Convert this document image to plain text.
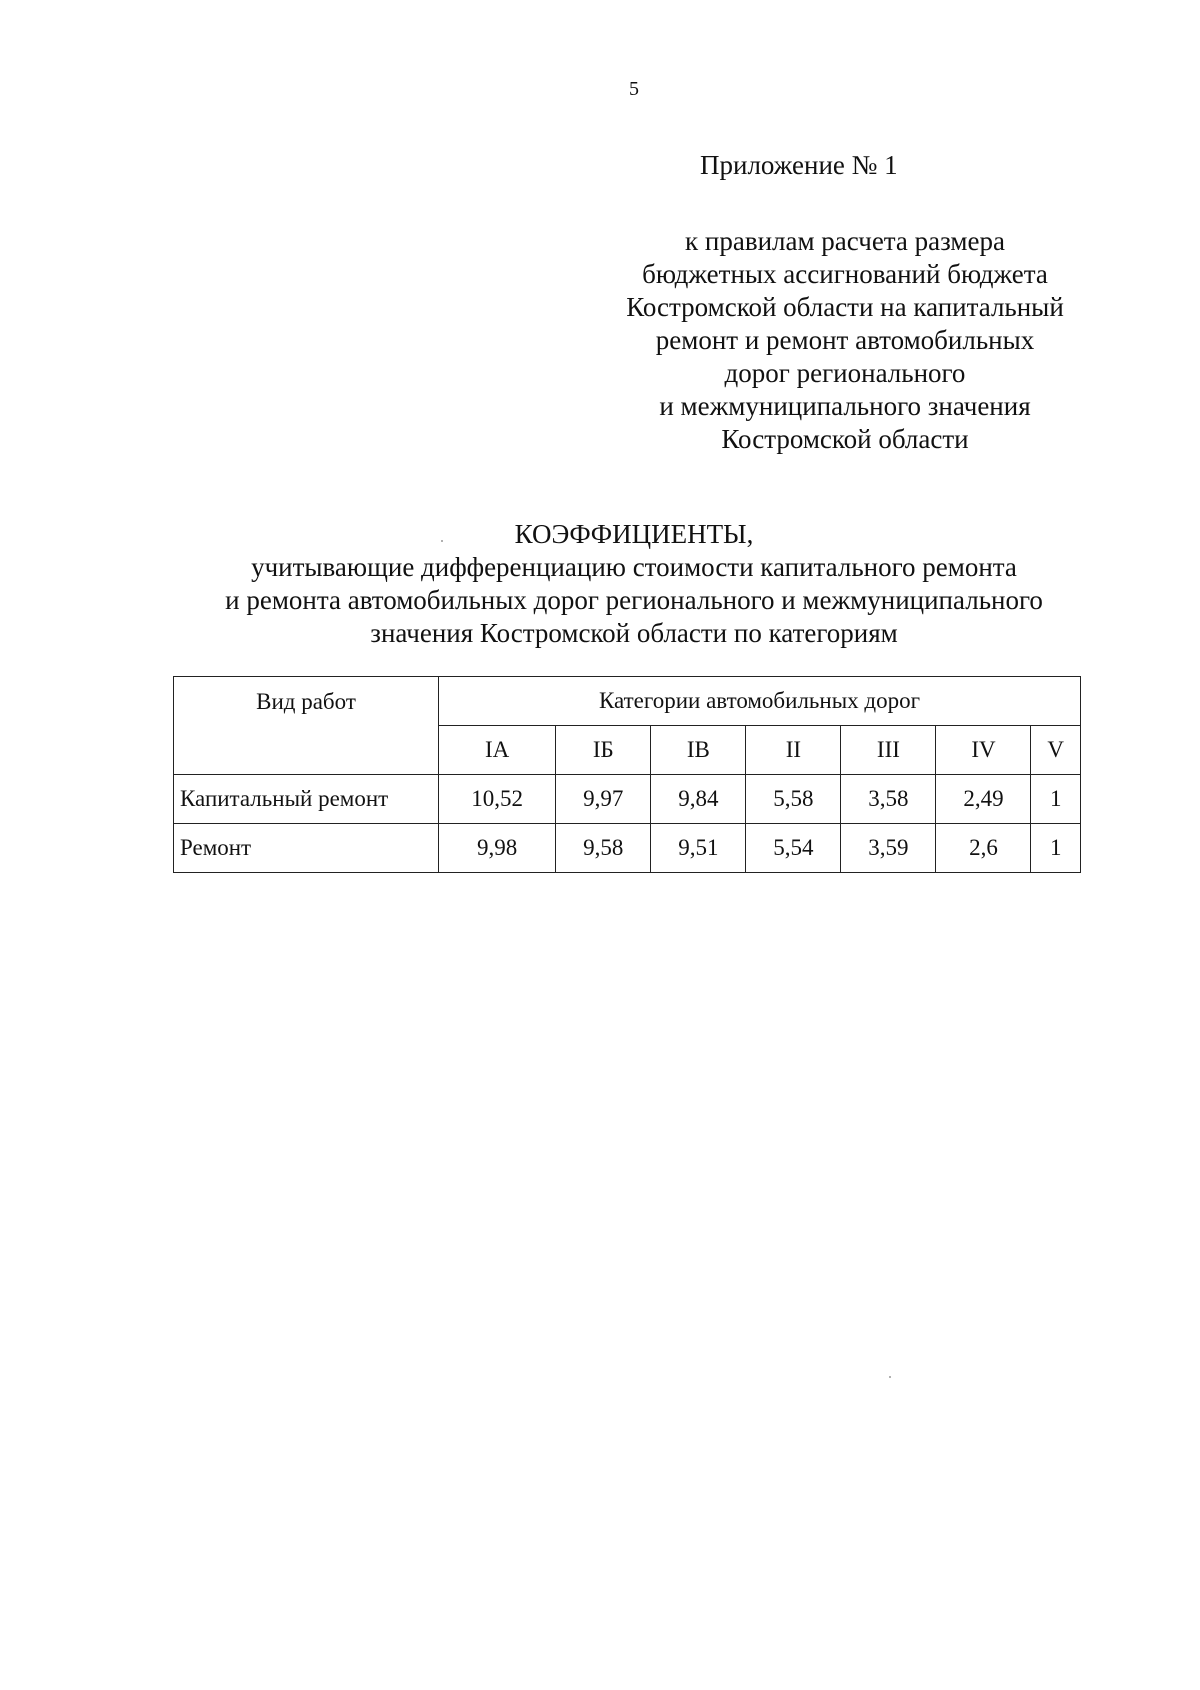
5
Приложение № 1
к правилам расчета размера
бюджетных ассигнований бюджета
Костромской области на капитальный
ремонт и ремонт автомобильных
дорог регионального
и межмуниципального значения
Костромской области
КОЭФФИЦИЕНТЫ,
учитывающие дифференциацию стоимости капитального ремонта
и ремонта автомобильных дорог регионального и межмуниципального
значения Костромской области по категориям
Вид работ	Категории автомобильных дорог						
	IА	IБ	IВ	II	III	IV	V
Капитальный ремонт	10,52	9,97	9,84	5,58	3,58	2,49	1
Ремонт	9,98	9,58	9,51	5,54	3,59	2,6	1
